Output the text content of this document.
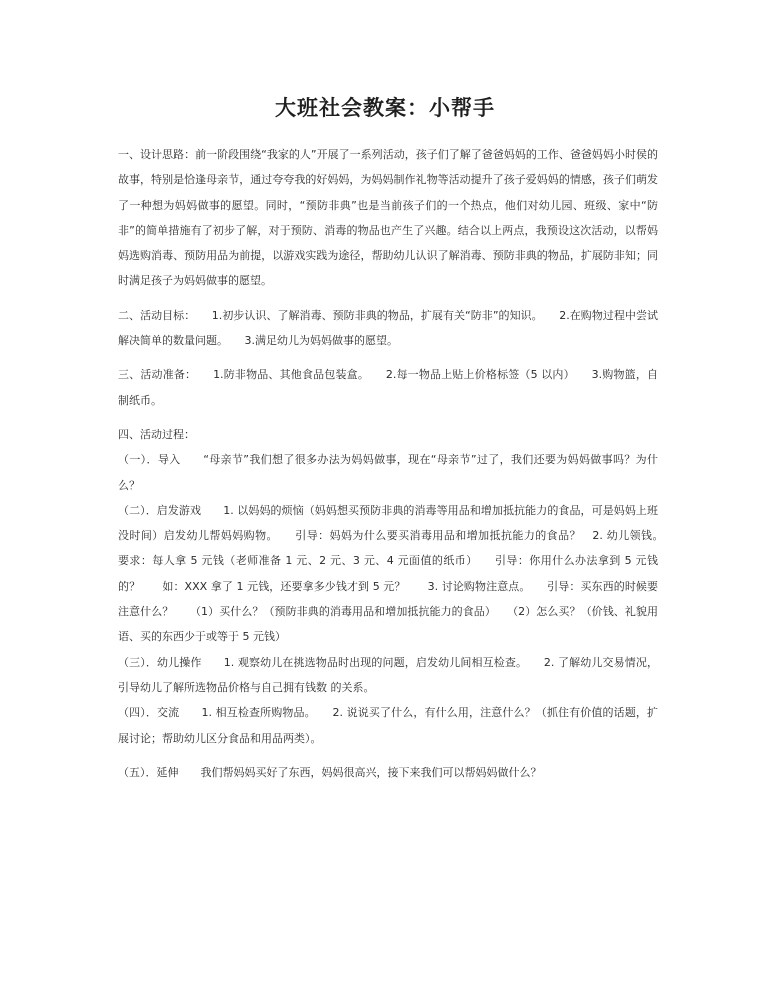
大班社会教案：小帮手

一、设计思路：前一阶段围绕“我家的人”开展了一系列活动，孩子们了解了爸爸妈妈的工作、爸爸妈妈小时侯的故事，特别是恰逢母亲节，通过夸夸我的好妈妈，为妈妈制作礼物等活动提升了孩子爱妈妈的情感，孩子们萌发了一种想为妈妈做事的愿望。同时，“预防非典”也是当前孩子们的一个热点，他们对幼儿园、班级、家中“防非”的简单措施有了初步了解，对于预防、消毒的物品也产生了兴趣。结合以上两点，我预设这次活动，以帮妈妈选购消毒、预防用品为前提，以游戏实践为途径，帮助幼儿认识了解消毒、预防非典的物品，扩展防非知；同时满足孩子为妈妈做事的愿望。

二、活动目标：　　1.初步认识、了解消毒、预防非典的物品，扩展有关“防非”的知识。　　2.在购物过程中尝试解决简单的数量问题。　　3.满足幼儿为妈妈做事的愿望。

三、活动准备：　　1.防非物品、其他食品包装盒。　　2.每一物品上贴上价格标签（5 以内）　　3.购物篮，自制纸币。

四、活动过程：

（一）．导入　　“母亲节”我们想了很多办法为妈妈做事，现在“母亲节”过了，我们还要为妈妈做事吗？为什么？

（二）．启发游戏　　1. 以妈妈的烦恼（妈妈想买预防非典的消毒等用品和增加抵抗能力的食品，可是妈妈上班没时间）启发幼儿帮妈妈购物。　　引导：妈妈为什么要买消毒用品和增加抵抗能力的食品？　2. 幼儿领钱。　　要求：每人拿 5 元钱（老师准备 1 元、2 元、3 元、4 元面值的纸币）　　引导：你用什么办法拿到 5 元钱的？　　如：XXX 拿了 1 元钱，还要拿多少钱才到 5 元？　　3. 讨论购物注意点。　　引导：买东西的时候要注意什么？　　（1）买什么？（预防非典的消毒用品和增加抵抗能力的食品）　　（2）怎么买？（价钱、礼貌用语、买的东西少于或等于 5 元钱）

（三）．幼儿操作　　1. 观察幼儿在挑选物品时出现的问题，启发幼儿间相互检查。　　2. 了解幼儿交易情况，引导幼儿了解所选物品价格与自己拥有钱数 的关系。

（四）．交流　　1. 相互检查所购物品。　　2. 说说买了什么，有什么用，注意什么？（抓住有价值的话题，扩 展讨论；帮助幼儿区分食品和用品两类）。

（五）．延伸　　我们帮妈妈买好了东西，妈妈很高兴，接下来我们可以帮妈妈做什么？
